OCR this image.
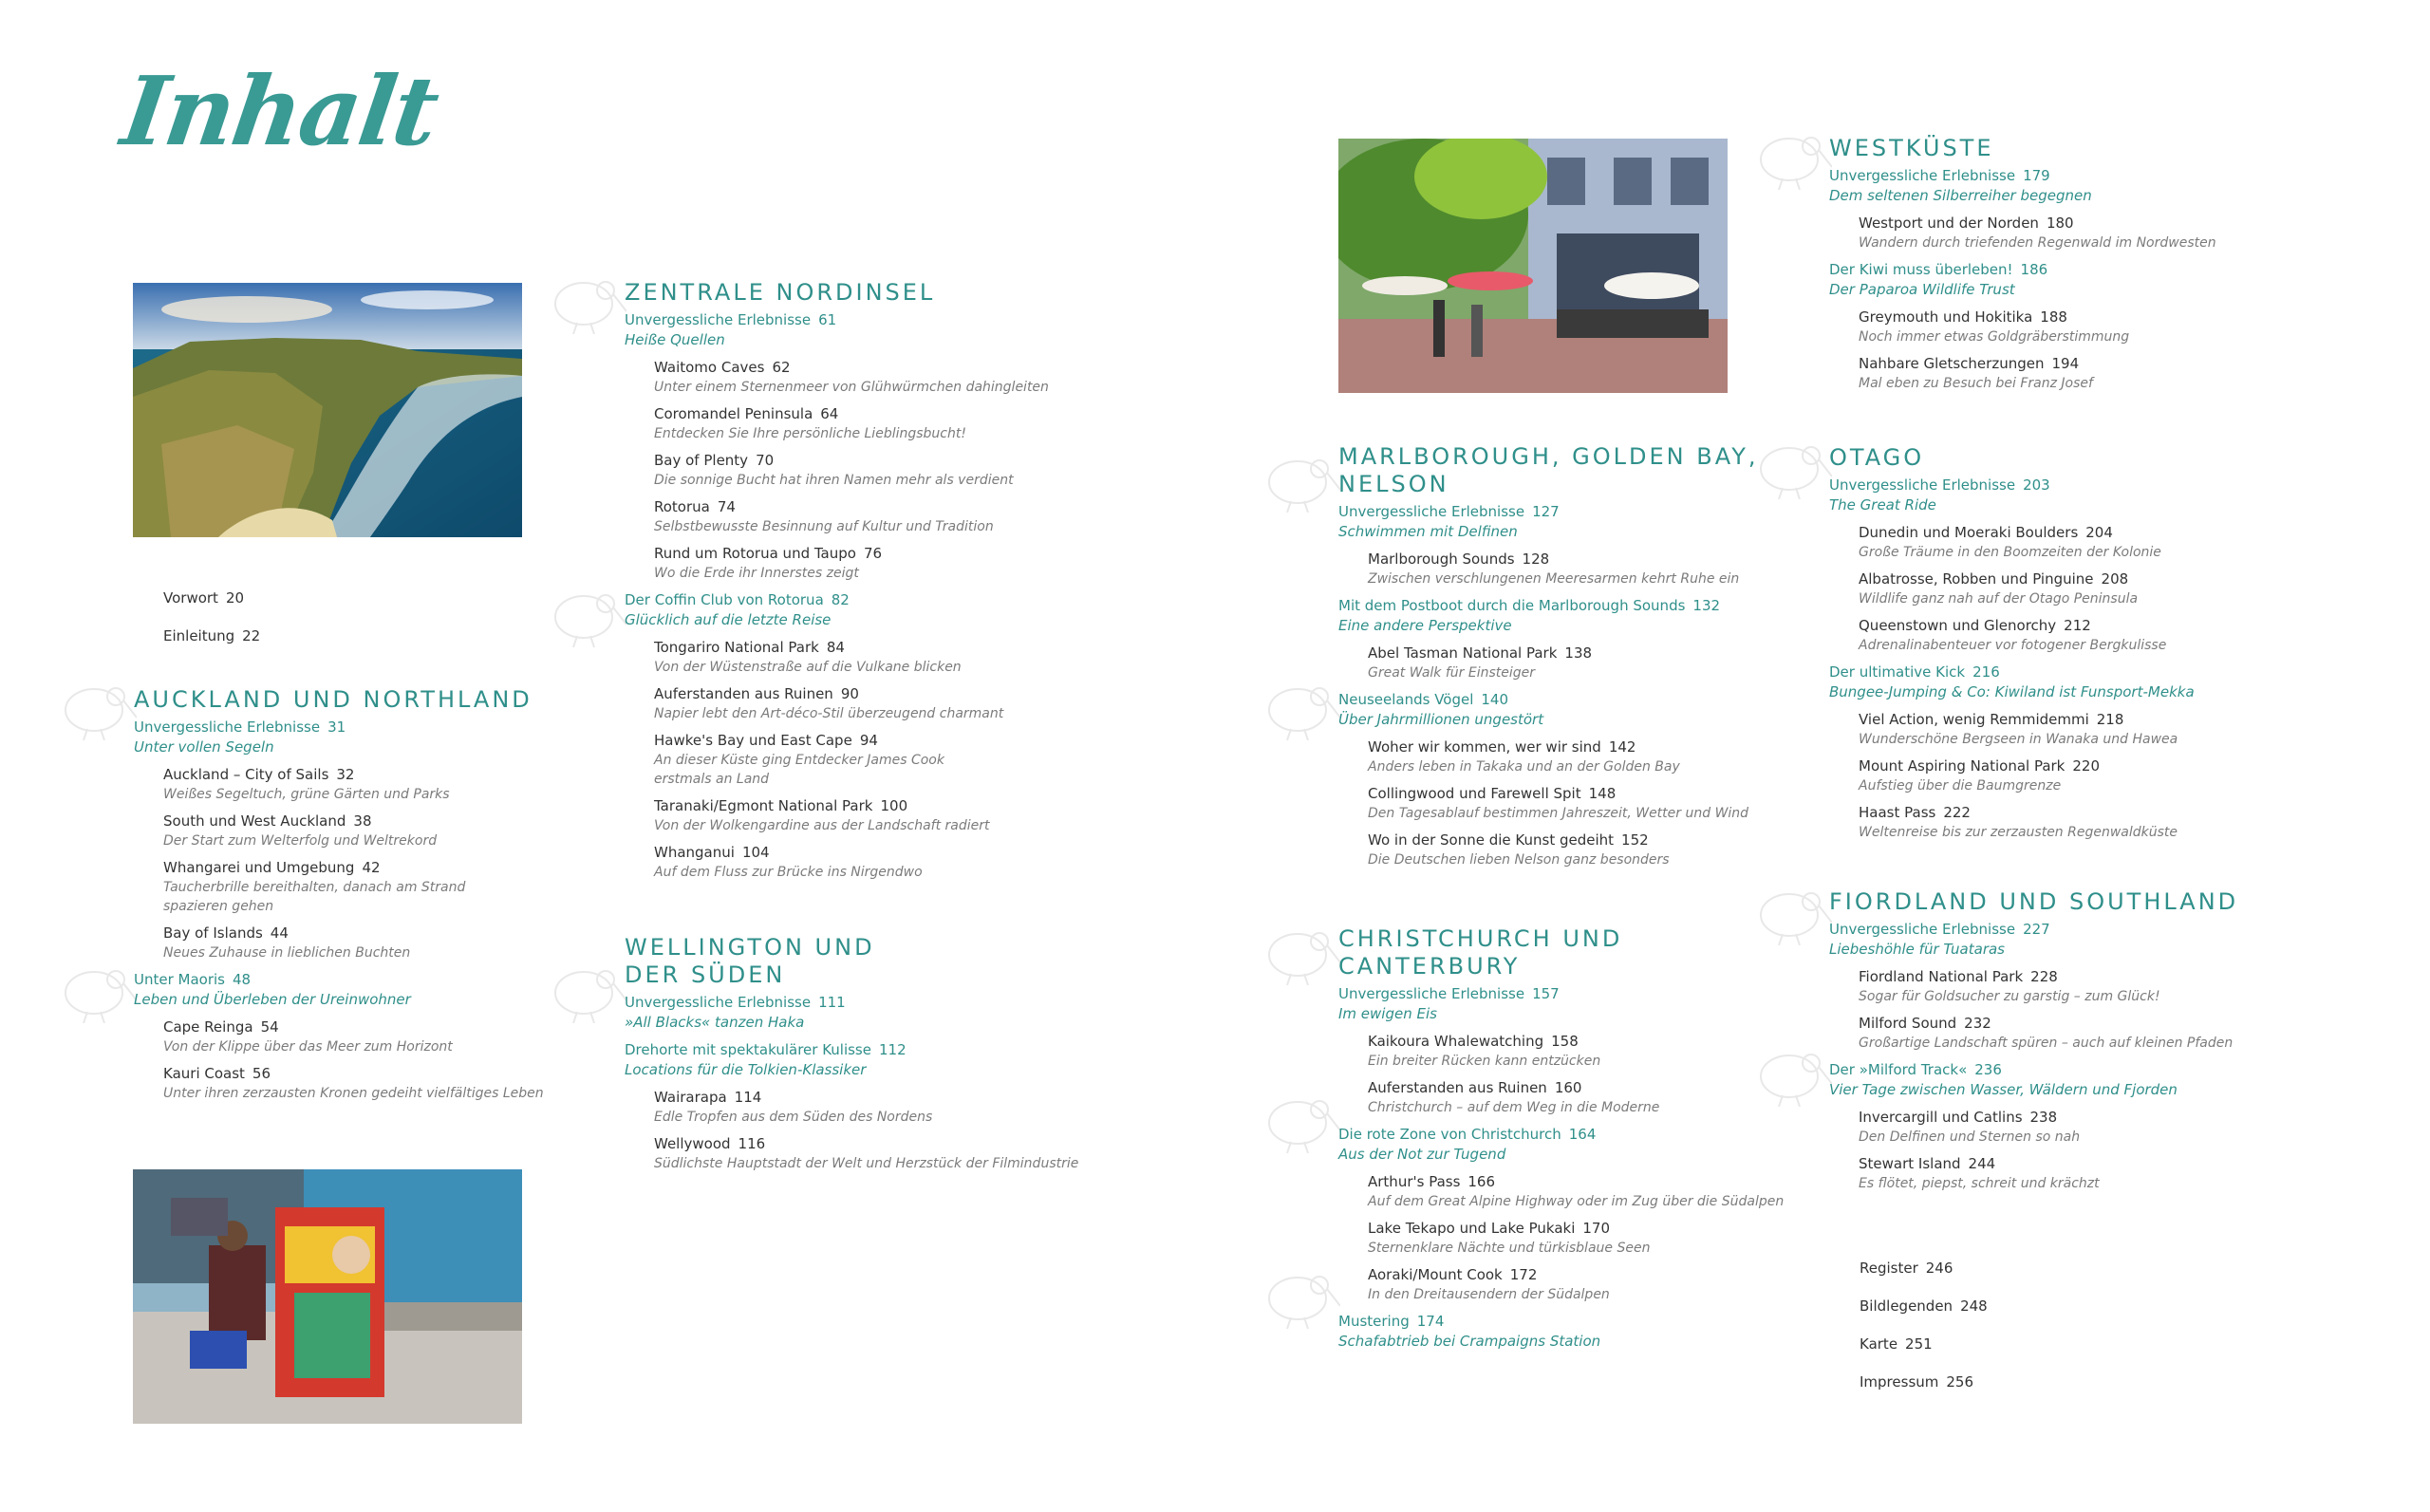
Inhalt
Vorwort 20
Einleitung 22
AUCKLAND UND NORTHLAND
Unvergessliche Erlebnisse 31
Unter vollen Segeln
Auckland – City of Sails 32
Weißes Segeltuch, grüne Gärten und Parks
South und West Auckland 38
Der Start zum Welterfolg und Weltrekord
Whangarei und Umgebung 42
Taucherbrille bereithalten, danach am Strand spazieren gehen
Bay of Islands 44
Neues Zuhause in lieblichen Buchten
Unter Maoris 48
Leben und Überleben der Ureinwohner
Cape Reinga 54
Von der Klippe über das Meer zum Horizont
Kauri Coast 56
Unter ihren zerzausten Kronen gedeiht vielfältiges Leben
ZENTRALE NORDINSEL
Unvergessliche Erlebnisse 61
Heiße Quellen
Waitomo Caves 62
Unter einem Sternenmeer von Glühwürmchen dahingleiten
Coromandel Peninsula 64
Entdecken Sie Ihre persönliche Lieblingsbucht!
Bay of Plenty 70
Die sonnige Bucht hat ihren Namen mehr als verdient
Rotorua 74
Selbstbewusste Besinnung auf Kultur und Tradition
Rund um Rotorua und Taupo 76
Wo die Erde ihr Innerstes zeigt
Der Coffin Club von Rotorua 82
Glücklich auf die letzte Reise
Tongariro National Park 84
Von der Wüstenstraße auf die Vulkane blicken
Auferstanden aus Ruinen 90
Napier lebt den Art-déco-Stil überzeugend charmant
Hawke's Bay und East Cape 94
An dieser Küste ging Entdecker James Cook erstmals an Land
Taranaki/Egmont National Park 100
Von der Wolkengardine aus der Landschaft radiert
Whanganui 104
Auf dem Fluss zur Brücke ins Nirgendwo
WELLINGTON UND DER SÜDEN
Unvergessliche Erlebnisse 111
»All Blacks« tanzen Haka
Drehorte mit spektakulärer Kulisse 112
Locations für die Tolkien-Klassiker
Wairarapa 114
Edle Tropfen aus dem Süden des Nordens
Wellywood 116
Südlichste Hauptstadt der Welt und Herzstück der Filmindustrie
MARLBOROUGH, GOLDEN BAY, NELSON
Unvergessliche Erlebnisse 127
Schwimmen mit Delfinen
Marlborough Sounds 128
Zwischen verschlungenen Meeresarmen kehrt Ruhe ein
Mit dem Postboot durch die Marlborough Sounds 132
Eine andere Perspektive
Abel Tasman National Park 138
Great Walk für Einsteiger
Neuseelands Vögel 140
Über Jahrmillionen ungestört
Woher wir kommen, wer wir sind 142
Anders leben in Takaka und an der Golden Bay
Collingwood und Farewell Spit 148
Den Tagesablauf bestimmen Jahreszeit, Wetter und Wind
Wo in der Sonne die Kunst gedeiht 152
Die Deutschen lieben Nelson ganz besonders
CHRISTCHURCH UND CANTERBURY
Unvergessliche Erlebnisse 157
Im ewigen Eis
Kaikoura Whalewatching 158
Ein breiter Rücken kann entzücken
Auferstanden aus Ruinen 160
Christchurch – auf dem Weg in die Moderne
Die rote Zone von Christchurch 164
Aus der Not zur Tugend
Arthur's Pass 166
Auf dem Great Alpine Highway oder im Zug über die Südalpen
Lake Tekapo und Lake Pukaki 170
Sternenklare Nächte und türkisblaue Seen
Aoraki/Mount Cook 172
In den Dreitausendern der Südalpen
Mustering 174
Schafabtrieb bei Crampaigns Station
WESTKÜSTE
Unvergessliche Erlebnisse 179
Dem seltenen Silberreiher begegnen
Westport und der Norden 180
Wandern durch triefenden Regenwald im Nordwesten
Der Kiwi muss überleben! 186
Der Paparoa Wildlife Trust
Greymouth und Hokitika 188
Noch immer etwas Goldgräberstimmung
Nahbare Gletscherzungen 194
Mal eben zu Besuch bei Franz Josef
OTAGO
Unvergessliche Erlebnisse 203
The Great Ride
Dunedin und Moeraki Boulders 204
Große Träume in den Boomzeiten der Kolonie
Albatrosse, Robben und Pinguine 208
Wildlife ganz nah auf der Otago Peninsula
Queenstown und Glenorchy 212
Adrenalinabenteuer vor fotogener Bergkulisse
Der ultimative Kick 216
Bungee-Jumping & Co: Kiwiland ist Funsport-Mekka
Viel Action, wenig Remmidemmi 218
Wunderschöne Bergseen in Wanaka und Hawea
Mount Aspiring National Park 220
Aufstieg über die Baumgrenze
Haast Pass 222
Weltenreise bis zur zerzausten Regenwaldküste
FIORDLAND UND SOUTHLAND
Unvergessliche Erlebnisse 227
Liebeshöhle für Tuataras
Fiordland National Park 228
Sogar für Goldsucher zu garstig – zum Glück!
Milford Sound 232
Großartige Landschaft spüren – auch auf kleinen Pfaden
Der »Milford Track« 236
Vier Tage zwischen Wasser, Wäldern und Fjorden
Invercargill und Catlins 238
Den Delfinen und Sternen so nah
Stewart Island 244
Es flötet, piepst, schreit und krächzt
Register 246
Bildlegenden 248
Karte 251
Impressum 256
